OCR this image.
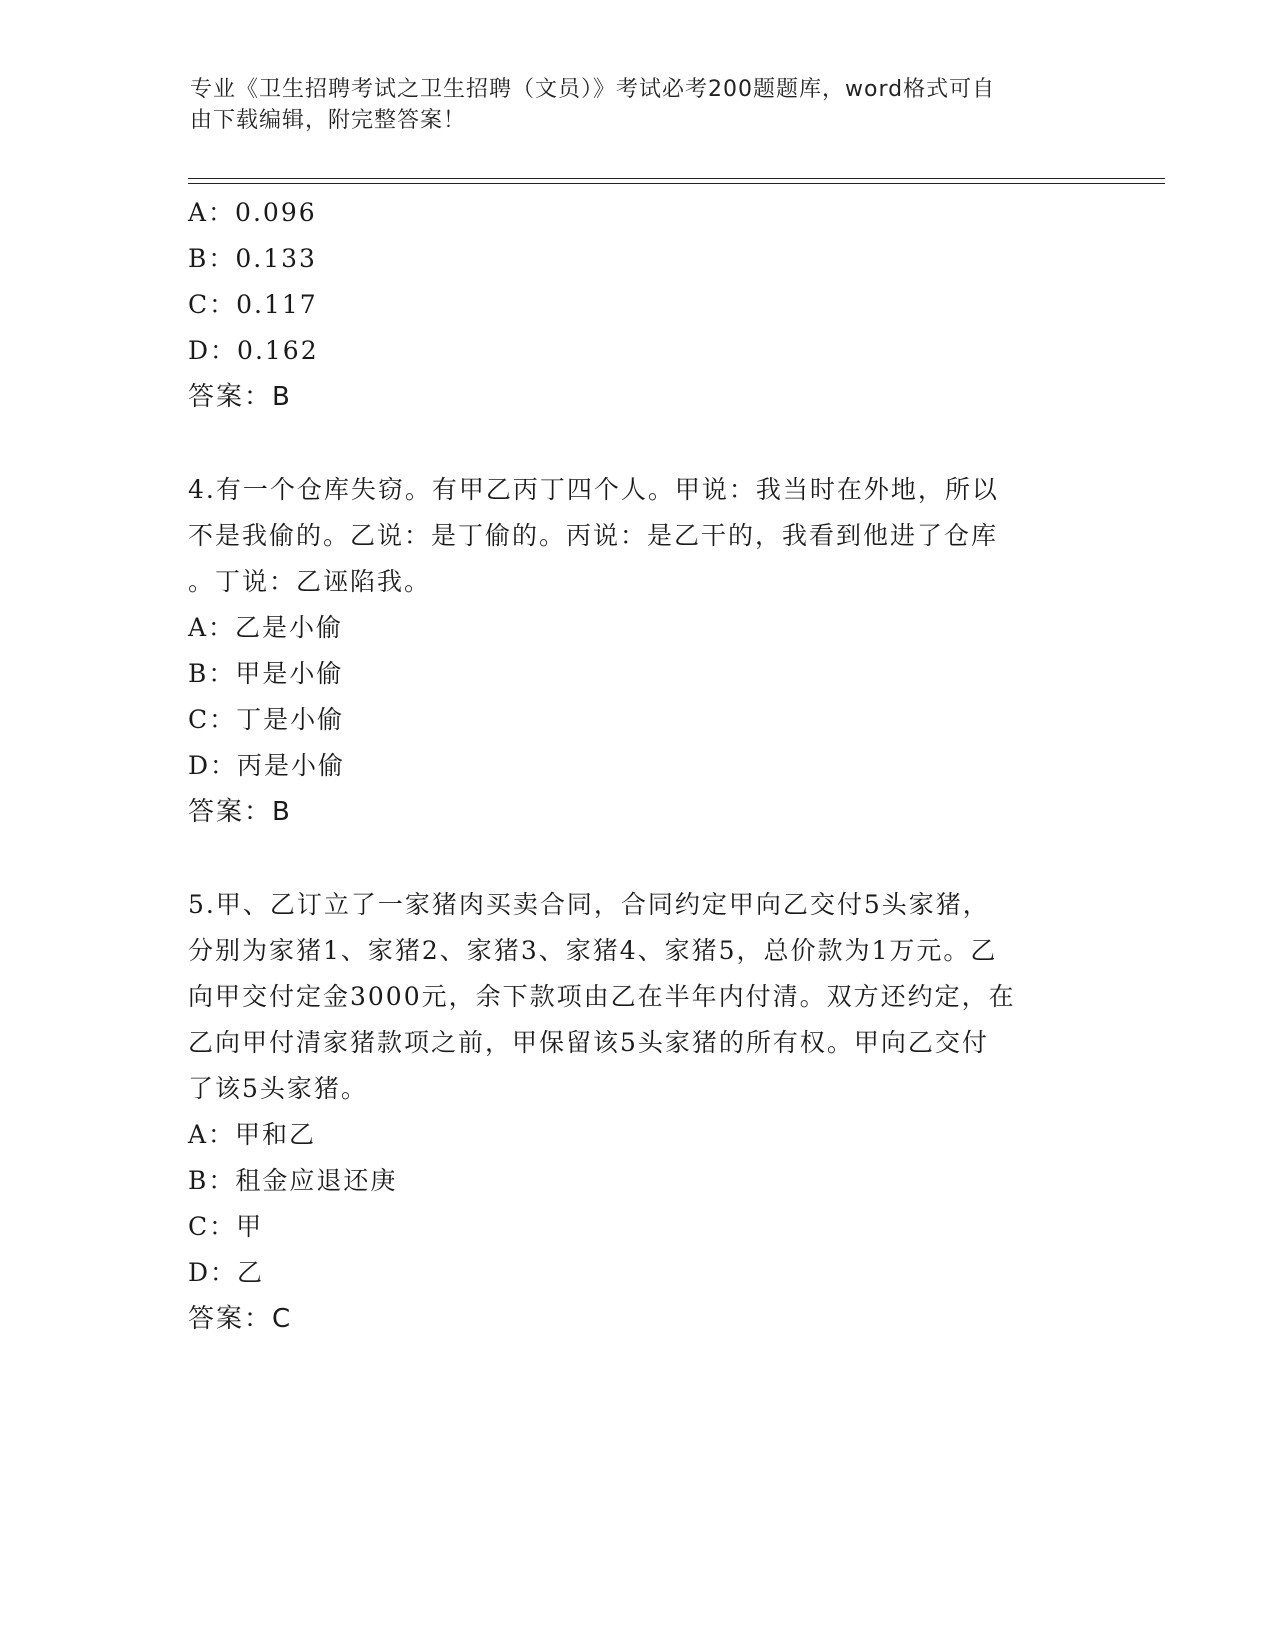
专业《卫生招聘考试之卫生招聘（文员）》考试必考200题题库，word格式可自
由下载编辑，附完整答案！
A：0.096
B：0.133
C：0.117
D：0.162
答案：B
4.有一个仓库失窃。有甲乙丙丁四个人。甲说：我当时在外地，所以
不是我偷的。乙说：是丁偷的。丙说：是乙干的，我看到他进了仓库
。丁说：乙诬陷我。
A：乙是小偷
B：甲是小偷
C：丁是小偷
D：丙是小偷
答案：B
5.甲、乙订立了一家猪肉买卖合同，合同约定甲向乙交付5头家猪，
分别为家猪1、家猪2、家猪3、家猪4、家猪5，总价款为1万元。乙
向甲交付定金3000元，余下款项由乙在半年内付清。双方还约定，在
乙向甲付清家猪款项之前，甲保留该5头家猪的所有权。甲向乙交付
了该5头家猪。
A：甲和乙
B：租金应退还庚
C：甲
D：乙
答案：C
